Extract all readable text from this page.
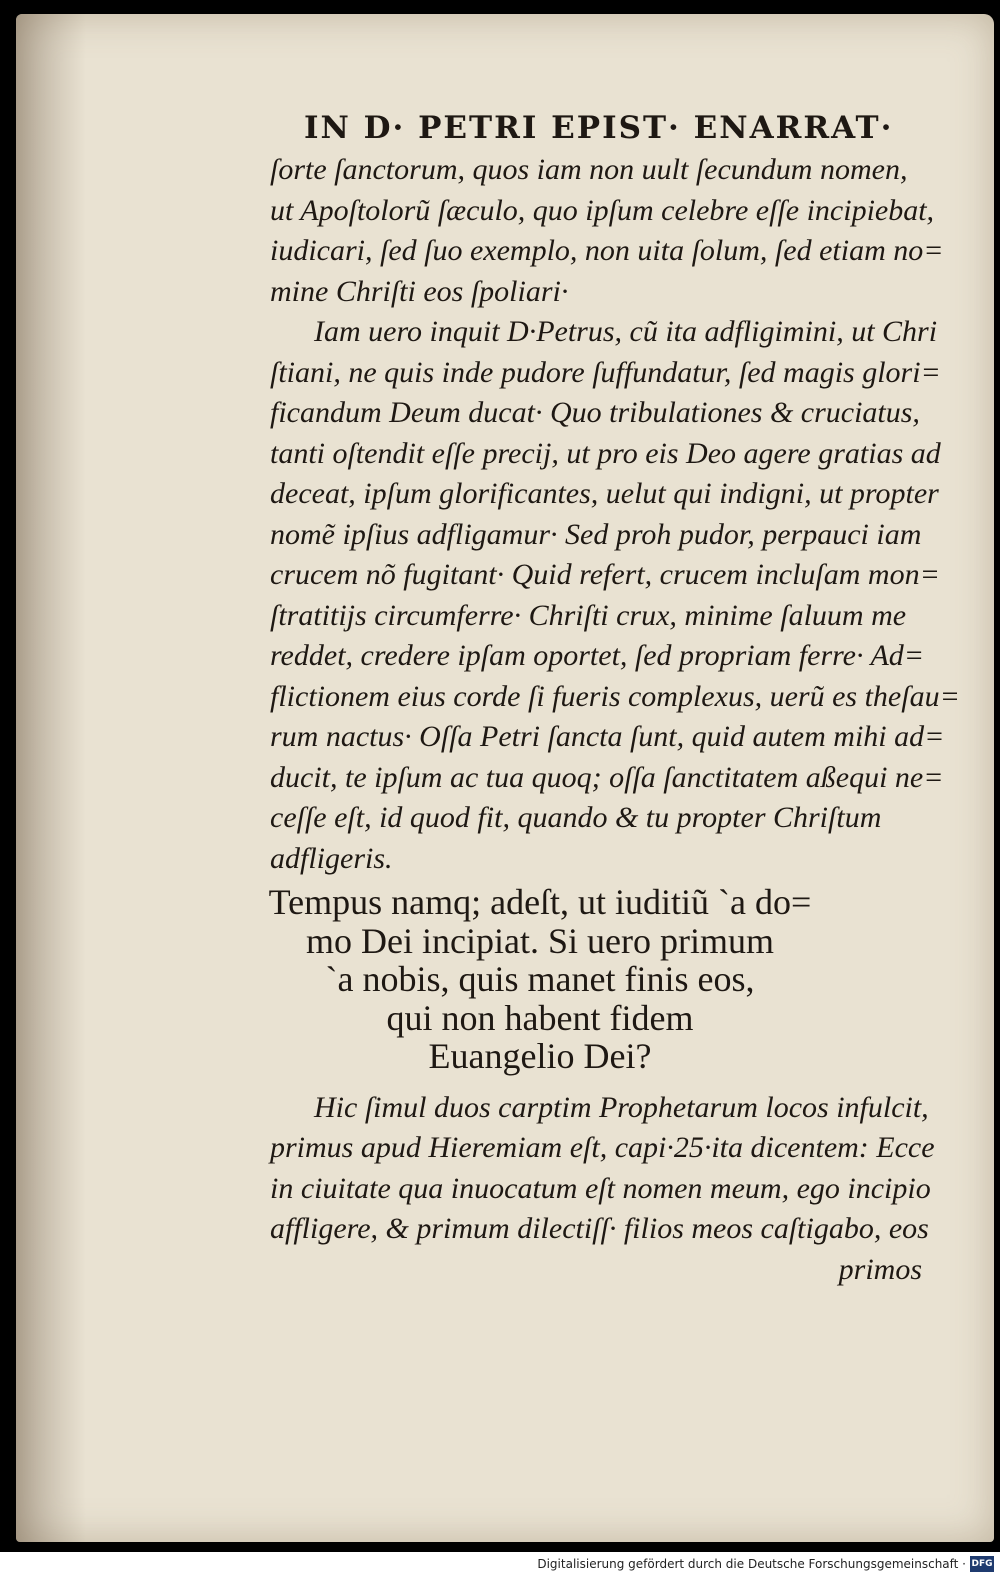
IN D· PETRI EPIST· ENARRAT·
ſorte ſanctorum, quos iam non uult ſecundum nomen,
ut Apoſtolorũ ſæculo, quo ipſum celebre eſſe incipiebat,
iudicari, ſed ſuo exemplo, non uita ſolum, ſed etiam no=
mine Chriſti eos ſpoliari·
Iam uero inquit D·Petrus, cũ ita adfligimini, ut Chri
ſtiani, ne quis inde pudore ſuffundatur, ſed magis glori=
ficandum Deum ducat· Quo tribulationes & cruciatus,
tanti oſtendit eſſe precij, ut pro eis Deo agere gratias ad
deceat, ipſum glorificantes, uelut qui indigni, ut propter
nomẽ ipſius adfligamur· Sed proh pudor, perpauci iam
crucem nõ fugitant· Quid refert, crucem incluſam mon=
ſtratitijs circumferre· Chriſti crux, minime ſaluum me
reddet, credere ipſam oportet, ſed propriam ferre· Ad=
flictionem eius corde ſi fueris complexus, uerũ es theſau=
rum nactus· Oſſa Petri ſancta ſunt, quid autem mihi ad=
ducit, te ipſum ac tua quoq; oſſa ſanctitatem aßequi ne=
ceſſe eſt, id quod fit, quando & tu propter Chriſtum
adfligeris.
Tempus namq; adeſt, ut iuditiũ `a do=
mo Dei incipiat. Si uero primum
`a nobis, quis manet finis eos,
qui non habent fidem
Euangelio Dei?
Hic ſimul duos carptim Prophetarum locos infulcit,
primus apud Hieremiam eſt, capi·25·ita dicentem: Ecce
in ciuitate qua inuocatum eſt nomen meum, ego incipio
affligere, & primum dilectiſſ· filios meos caſtigabo, eos
primos
Digitalisierung gefördert durch die Deutsche Forschungsgemeinschaft · DFG
